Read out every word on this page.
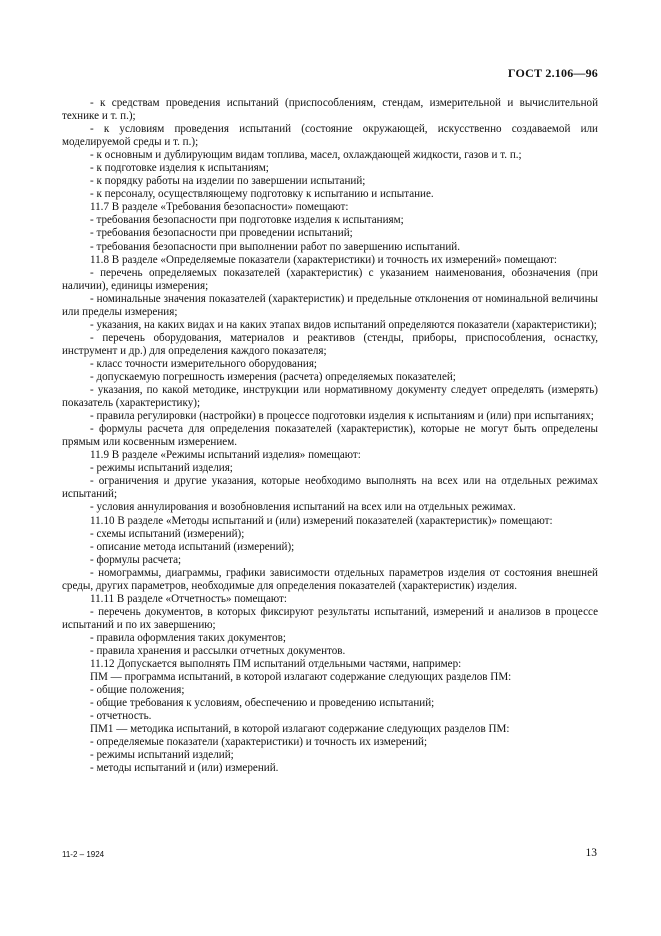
ГОСТ 2.106—96

- к средствам проведения испытаний (приспособлениям, стендам, измерительной и вычислительной технике и т. п.);

- к условиям проведения испытаний (состояние окружающей, искусственно создаваемой или моделируемой среды и т. п.);

- к основным и дублирующим видам топлива, масел, охлаждающей жидкости, газов и т. п.;

- к подготовке изделия к испытаниям;

- к порядку работы на изделии по завершении испытаний;

- к персоналу, осуществляющему подготовку к испытанию и испытание.

11.7 В разделе «Требования безопасности» помещают:

- требования безопасности при подготовке изделия к испытаниям;

- требования безопасности при проведении испытаний;

- требования безопасности при выполнении работ по завершению испытаний.

11.8 В разделе «Определяемые показатели (характеристики) и точность их измерений» помещают:

- перечень определяемых показателей (характеристик) с указанием наименования, обозначения (при наличии), единицы измерения;

- номинальные значения показателей (характеристик) и предельные отклонения от номинальной величины или пределы измерения;

- указания, на каких видах и на каких этапах видов испытаний определяются показатели (характеристики);

- перечень оборудования, материалов и реактивов (стенды, приборы, приспособления, оснастку, инструмент и др.) для определения каждого показателя;

- класс точности измерительного оборудования;

- допускаемую погрешность измерения (расчета) определяемых показателей;

- указания, по какой методике, инструкции или нормативному документу следует определять (измерять) показатель (характеристику);

- правила регулировки (настройки) в процессе подготовки изделия к испытаниям и (или) при испытаниях;

- формулы расчета для определения показателей (характеристик), которые не могут быть определены прямым или косвенным измерением.

11.9 В разделе «Режимы испытаний изделия» помещают:

- режимы испытаний изделия;

- ограничения и другие указания, которые необходимо выполнять на всех или на отдельных режимах испытаний;

- условия аннулирования и возобновления испытаний на всех или на отдельных режимах.

11.10 В разделе «Методы испытаний и (или) измерений показателей (характеристик)» помещают:

- схемы испытаний (измерений);

- описание метода испытаний (измерений);

- формулы расчета;

- номограммы, диаграммы, графики зависимости отдельных параметров изделия от состояния внешней среды, других параметров, необходимые для определения показателей (характеристик) изделия.

11.11 В разделе «Отчетность» помещают:

- перечень документов, в которых фиксируют результаты испытаний, измерений и анализов в процессе испытаний и по их завершению;

- правила оформления таких документов;

- правила хранения и рассылки отчетных документов.

11.12 Допускается выполнять ПМ испытаний отдельными частями, например:

ПМ — программа испытаний, в которой излагают содержание следующих разделов ПМ:

- общие положения;

- общие требования к условиям, обеспечению и проведению испытаний;

- отчетность.

ПМ1 — методика испытаний, в которой излагают содержание следующих разделов ПМ:

- определяемые показатели (характеристики) и точность их измерений;

- режимы испытаний изделий;

- методы испытаний и (или) измерений.

11-2 – 1924	13
